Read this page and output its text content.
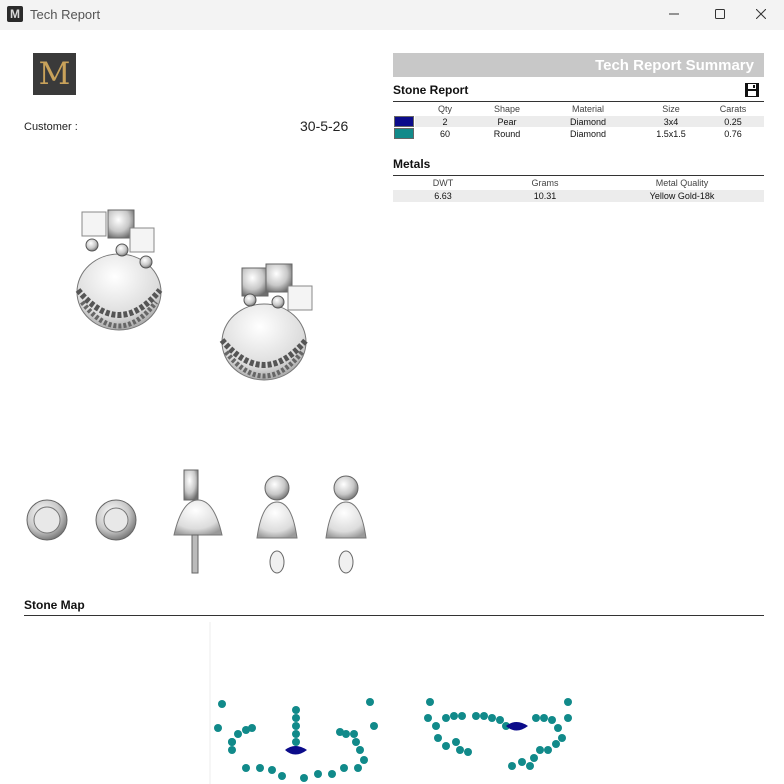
M Tech Report
M
Customer :	30-5-26
Tech Report Summary
Stone Report
Qty	Shape	Material	Size	Carats
2	Pear	Diamond	3x4	0.25
60	Round	Diamond	1.5x1.5	0.76
Metals
DWT	Grams	Metal Quality
6.63	10.31	Yellow Gold-18k
Stone Map
